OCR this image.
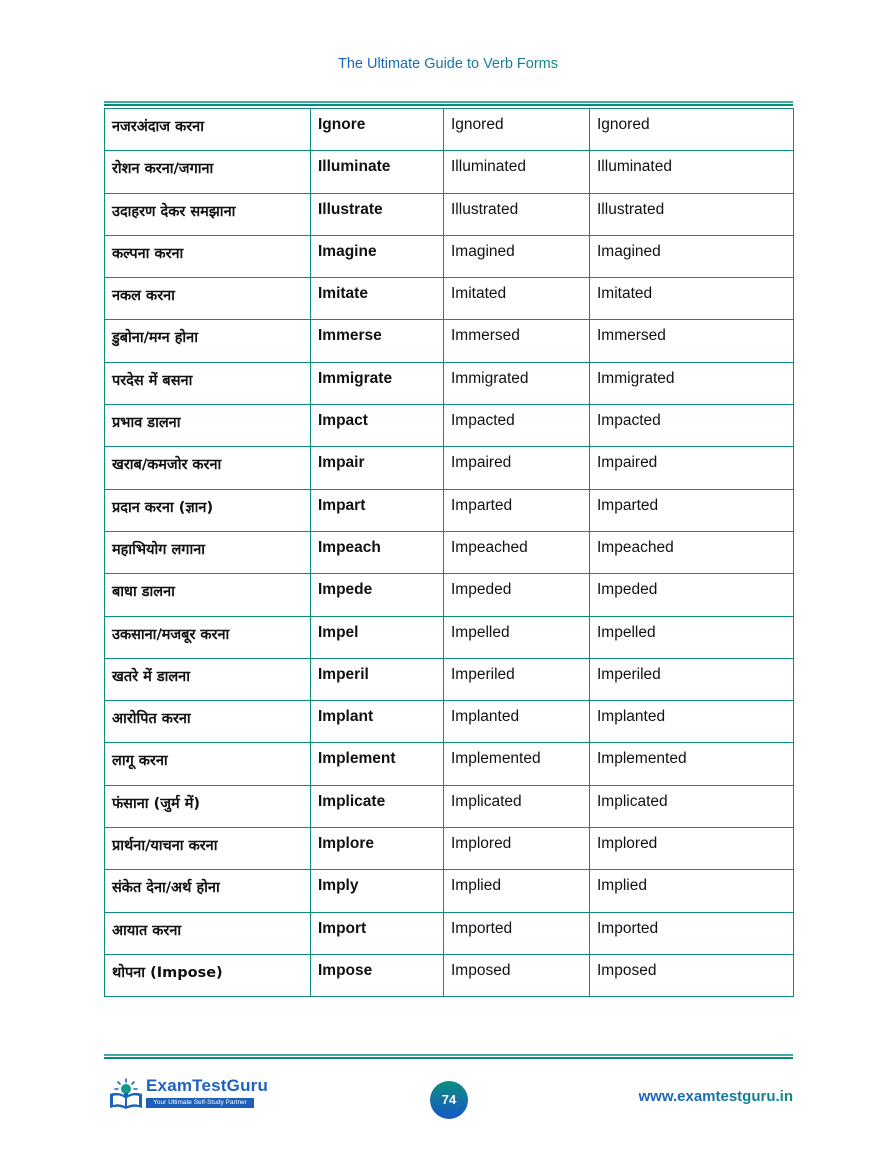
The Ultimate Guide to Verb Forms
नजरअंदाज करना	Ignore	Ignored	Ignored
रोशन करना/जगाना	Illuminate	Illuminated	Illuminated
उदाहरण देकर समझाना	Illustrate	Illustrated	Illustrated
कल्पना करना	Imagine	Imagined	Imagined
नकल करना	Imitate	Imitated	Imitated
डुबोना/मग्न होना	Immerse	Immersed	Immersed
परदेस में बसना	Immigrate	Immigrated	Immigrated
प्रभाव डालना	Impact	Impacted	Impacted
खराब/कमजोर करना	Impair	Impaired	Impaired
प्रदान करना (ज्ञान)	Impart	Imparted	Imparted
महाभियोग लगाना	Impeach	Impeached	Impeached
बाधा डालना	Impede	Impeded	Impeded
उकसाना/मजबूर करना	Impel	Impelled	Impelled
खतरे में डालना	Imperil	Imperiled	Imperiled
आरोपित करना	Implant	Implanted	Implanted
लागू करना	Implement	Implemented	Implemented
फंसाना (जुर्म में)	Implicate	Implicated	Implicated
प्रार्थना/याचना करना	Implore	Implored	Implored
संकेत देना/अर्थ होना	Imply	Implied	Implied
आयात करना	Import	Imported	Imported
थोपना (Impose)	Impose	Imposed	Imposed
ExamTestGuru
Your Ultimate Self-Study Partner	74	www.examtestguru.in
